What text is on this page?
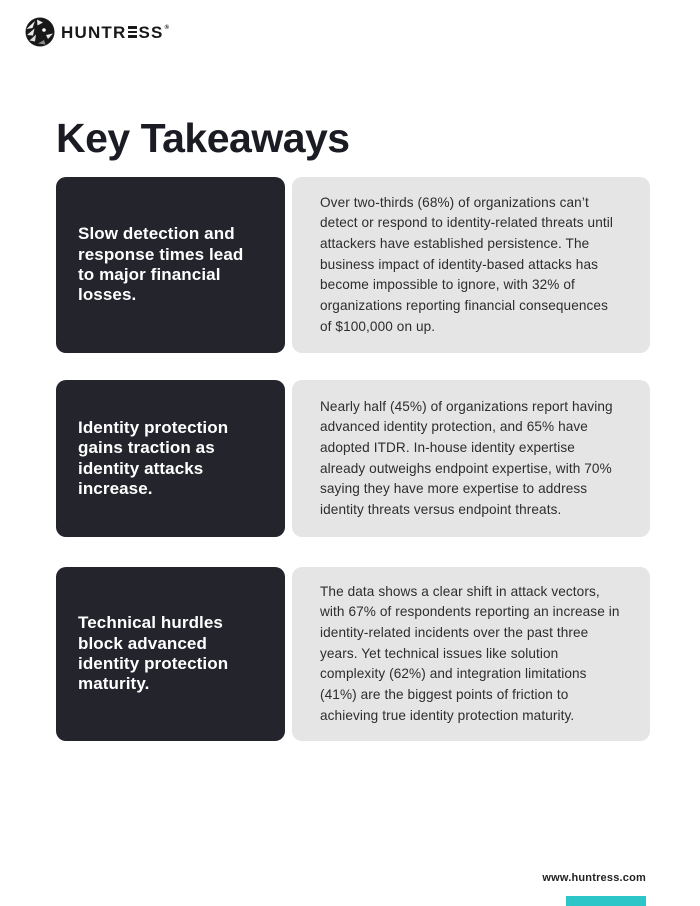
HUNTR SS ®
Key Takeaways
Slow detection and response times lead to major financial losses.

Over two-thirds (68%) of organizations can’t detect or respond to identity-related threats until attackers have established persistence. The business impact of identity-based attacks has become impossible to ignore, with 32% of organizations reporting financial consequences of $100,000 on up.

Identity protection gains traction as identity attacks increase.

Nearly half (45%) of organizations report having advanced identity protection, and 65% have adopted ITDR. In-house identity expertise already outweighs endpoint expertise, with 70% saying they have more expertise to address identity threats versus endpoint threats.

Technical hurdles block advanced identity protection maturity.

The data shows a clear shift in attack vectors, with 67% of respondents reporting an increase in identity-related incidents over the past three years. Yet technical issues like solution complexity (62%) and integration limitations (41%) are the biggest points of friction to achieving true identity protection maturity.

www.huntress.com
